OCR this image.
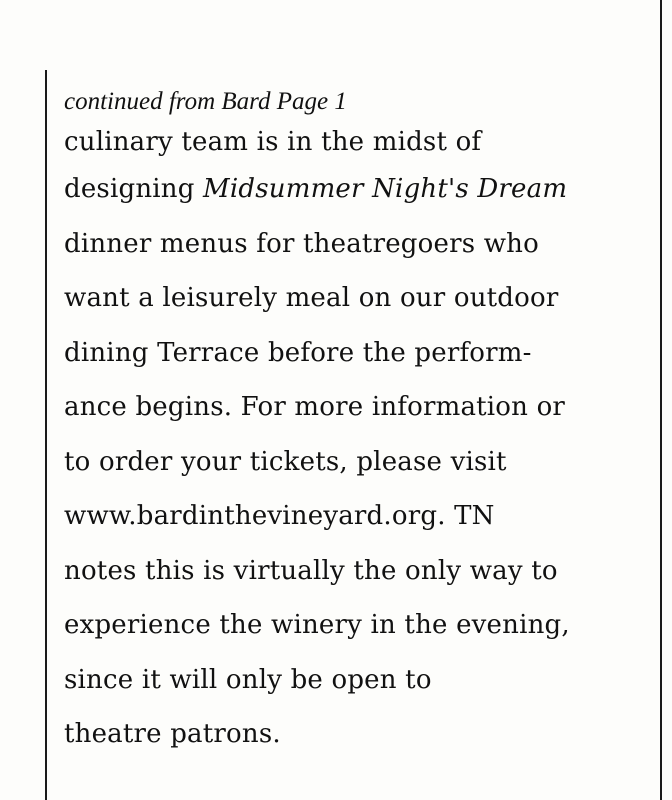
continued from Bard Page 1

culinary team is in the midst of
designing Midsummer Night's Dream
dinner menus for theatregoers who
want a leisurely meal on our outdoor
dining Terrace before the perform-
ance begins. For more information or
to order your tickets, please visit
www.bardinthevineyard.org. TN
notes this is virtually the only way to
experience the winery in the evening,
since it will only be open to
theatre patrons.
